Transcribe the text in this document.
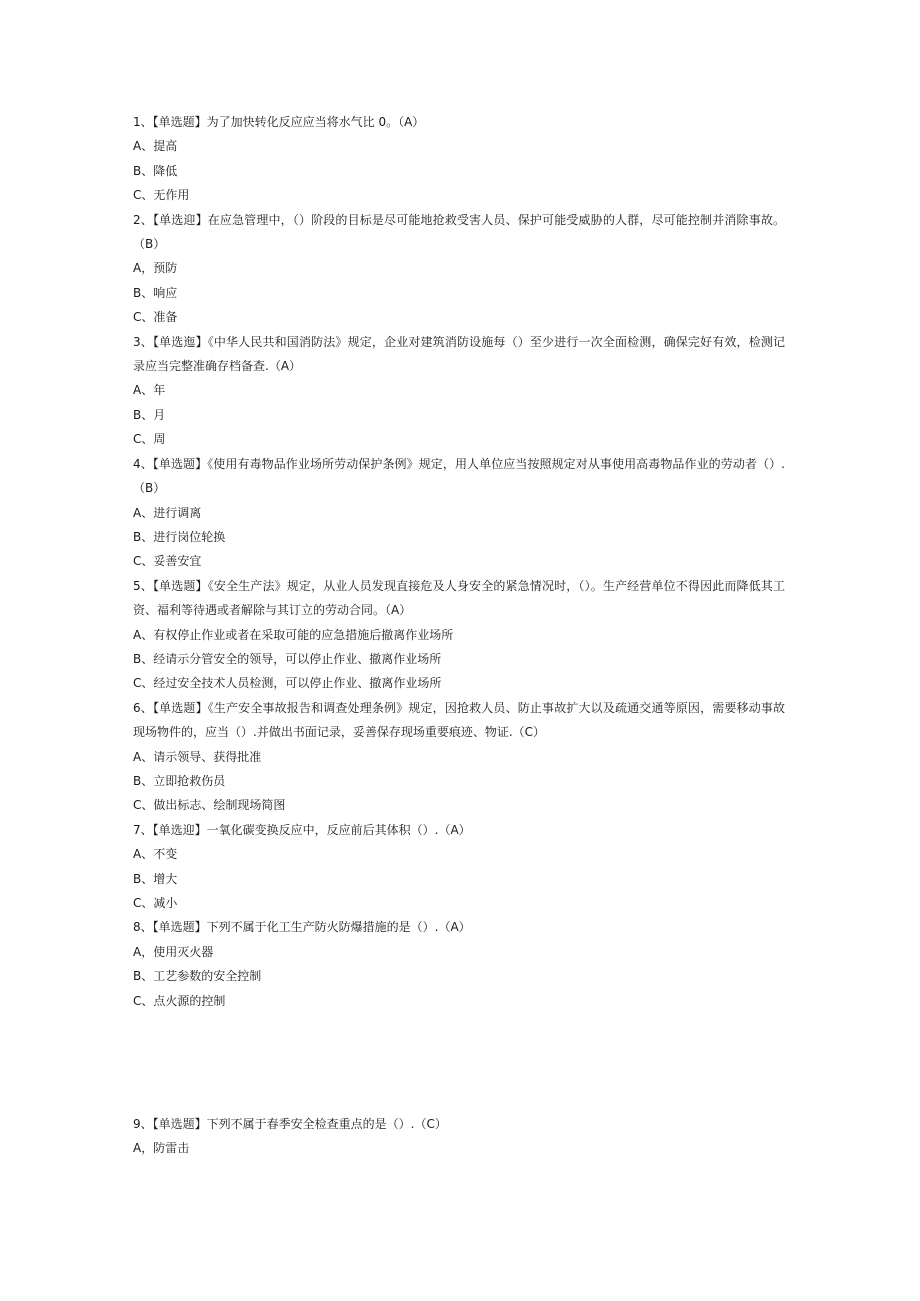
1、【单选题】为了加快转化反应应当将水气比 0。（A）
A、提高
B、降低
C、无作用
2、【单选迎】在应急管理中，（）阶段的目标是尽可能地抢救受害人员、保护可能受威胁的人群，尽可能控制并消除事故。（B）
A，预防
B、响应
C、准备
3、【单选迤】《中华人民共和国消防法》规定，企业对建筑消防设施每（）至少进行一次全面检测，确保完好有效，检测记录应当完整准确存档备查.（A）
A、年
B、月
C、周
4、【单选题】《使用有毒物品作业场所劳动保护条例》规定，用人单位应当按照规定对从事使用高毒物品作业的劳动者（）.（B）
A、进行调离
B、进行岗位轮换
C、妥善安宜
5、【单选题】《安全生产法》规定，从业人员发现直接危及人身安全的紧急情况时，（）。生产经营单位不得因此而降低其工资、福利等待遇或者解除与其订立的劳动合同。（A）
A、有权停止作业或者在采取可能的应急措施后撤离作业场所
B、经请示分管安全的领导，可以停止作业、撤离作业场所
C、经过安全技术人员检测，可以停止作业、撤离作业场所
6、【单选题】《生产安全事故报告和调查处理条例》规定，因抢救人员、防止事故扩大以及疏通交通等原因，需要移动事故现场物件的，应当（）.并做出书面记录，妥善保存现场重要痕迹、物证.（C）
A、请示领导、获得批准
B、立即抢救伤员
C、做出标志、绘制现场简图
7、【单选迎】一氧化碳变换反应中，反应前后其体积（）.（A）
A、不变
B、增大
C、减小
8、【单选题】下列不属于化工生产防火防爆措施的是（）.（A）
A，使用灭火器
B、工艺参数的安全控制
C、点火源的控制
9、【单选题】下列不属于春季安全检查重点的是（）.（C）
A，防雷击
